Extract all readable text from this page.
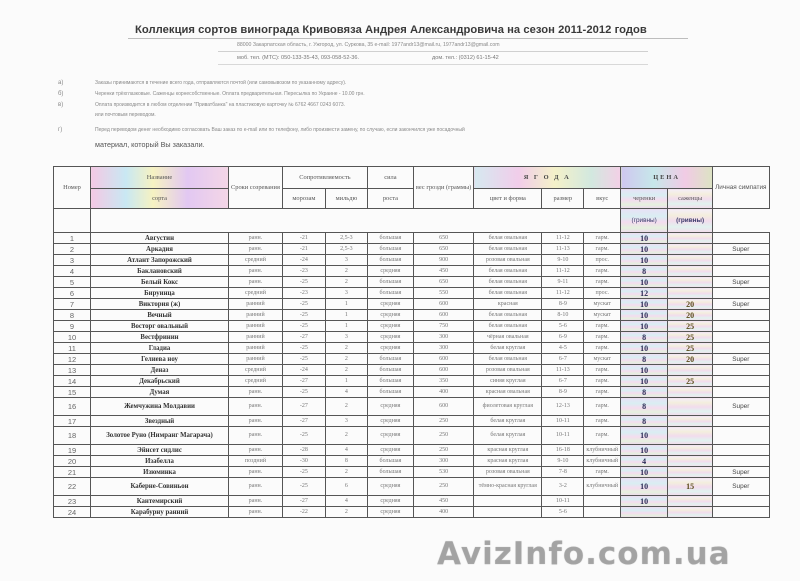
Коллекция сортов винограда Кривовяза Андрея Александровича на сезон 2011-2012 годов
88000 Закарпатская область, г. Ужгород, ул. Суркова, 35 e-mail: 1977andr13@mail.ru, 1977andr13@gmail.com
моб. тел. (МТС): 050-133-35-43, 093-058-52-36.	дом. тел.: (0312) 61-15-42
а)	Заказы принимаются в течение всего года, отправляются почтой (или самовывозом по указанному адресу).
б)	Черенки трёхглазковые. Саженцы корнесобственные. Оплата предварительная. Пересылка по Украине - 10.00 грн.
в)	Оплата производится в любом отделении "Приватбанка" на пластиковую карточку № 6762 4667 0243 6073.
или почтовым переводом.
г)	Перед переводом денег необходимо согласовать Ваш заказ по e-mail или по телефону, либо произвести замену, по случаю, если закончился уже посадочный
материал, который Вы заказали.
Номер	Название	Сроки созревания	Сопротивляемость		сила	вес грозди (граммы)	Я Г О Д А			ЦЕНА		Личная симпатия
	сорта		морозам	мильдю	роста		цвет и форма	размер	вкус	черенки	саженцы	
										(гривны)	(гривны)	
1	Августин	ранн.	-21	2,5-3	большая	650	белая овальная	11-12	гарм.	10		
2	Аркадия	ранн.	-21	2,5-3	большая	650	белая овальная	11-13	гарм.	10		Super
3	Атлант Запорожский	средний	-24	3	большая	900	розовая овальная	9-10	прос.	10		
4	Баклановский	ранн.	-23	2	средняя	450	белая овальная	11-12	гарм.	8		
5	Белый Кокс	ранн.	-25	2	большая	650	белая овальная	9-11	гарм.	10		Super
6	Бируинца	средний	-23	3	большая	550	белая овальная	11-12	прос.	12		
7	Виктория (ж)	ранний	-25	1	средняя	600	красная	8-9	мускат	10	20	Super
8	Вечный	ранний	-25	1	средняя	600	белая овальная	8-10	мускат	10	20	
9	Восторг овальный	ранний	-25	1	средняя	750	белая овальная	5-6	гарм.	10	25	
10	Вестфринин	ранний	-27	3	средняя	300	чёрная овальная	6-9	гарм.	8	25	
11	Гладиа	ранний	-25	2	средняя	300	белая круглая	4-5	гарм.	10	25	
12	Гелиева ноу	ранний	-25	2	большая	600	белая овальная	6-7	мускат	8	20	Super
13	Деназ	средний	-24	2	большая	600	розовая овальная	11-13	гарм.	10		
14	Декабрьский	средний	-27	1	большая	350	синяя круглая	6-7	гарм.	10	25	
15	Думая	ранн.	-25	4	большая	400	красная овальная	8-9	гарм.	8		
16	Жемчужина Молдавии	ранн.	-27	2	средняя	600	фиолетовая круглая	12-13	гарм.	8		Super
17	Звездный	ранн.	-27	3	средняя	250	белая круглая	10-11	гарм.	8		
18	Золотое Руно (Нимранг Магарача)	ранн.	-25	2	средняя	250	белая круглая	10-11	гарм.	10		
19	Эйнсет сидлис	ранн.	-28	4	средняя	250	красная круглая	16-18	клубничный	10		
20	Изабелла	поздний	-30	8	большая	300	красная круглая	9-10	клубничный	4		
21	Изюминка	ранн.	-25	2	большая	530	розовая овальная	7-8	гарм.	10		Super
22	Каберне-Совиньон	ранн.	-25	6	средняя	250	тёмно-красная круглая	3-2	клубничный	10	15	Super
23	Кантемирский	ранн.	-27	4	средняя	450		10-11		10		
24	Карабурну ранний	ранн.	-22	2	средняя	400		5-6				
AvizInfo.com.ua
